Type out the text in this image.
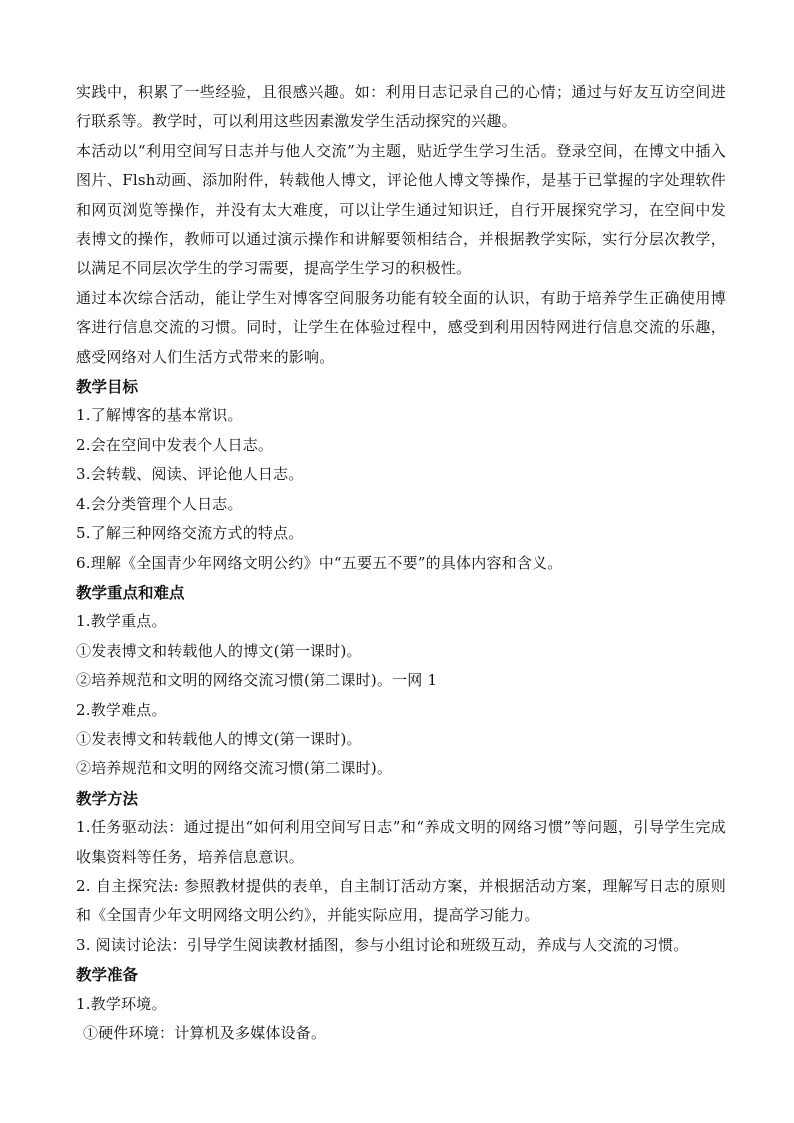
实践中，积累了一些经验，且很感兴趣。如：利用日志记录自己的心情；通过与好友互访空间进行联系等。教学时，可以利用这些因素激发学生活动探究的兴趣。

本活动以“利用空间写日志并与他人交流”为主题，贴近学生学习生活。登录空间，在博文中插入图片、Flsh动画、添加附件，转载他人博文，评论他人博文等操作，是基于已掌握的字处理软件和网页浏览等操作，并没有太大难度，可以让学生通过知识迁，自行开展探究学习，在空间中发表博文的操作，教师可以通过演示操作和讲解要领相结合，并根据教学实际，实行分层次教学，以满足不同层次学生的学习需要，提高学生学习的积极性。

通过本次综合活动，能让学生对博客空间服务功能有较全面的认识，有助于培养学生正确使用博客进行信息交流的习惯。同时，让学生在体验过程中，感受到利用因特网进行信息交流的乐趣，感受网络对人们生活方式带来的影响。

教学目标

1.了解博客的基本常识。

2.会在空间中发表个人日志。

3.会转载、阅读、评论他人日志。

4.会分类管理个人日志。

5.了解三种网络交流方式的特点。

6.理解《全国青少年网络文明公约》中“五要五不要”的具体内容和含义。

教学重点和难点

1.教学重点。

①发表博文和转载他人的博文(第一课时)。

②培养规范和文明的网络交流习惯(第二课时)。一网 1

2.教学难点。

①发表博文和转载他人的博文(第一课时)。

②培养规范和文明的网络交流习惯(第二课时)。

教学方法

1.任务驱动法：通过提出“如何利用空间写日志”和“养成文明的网络习惯”等问题，引导学生完成收集资料等任务，培养信息意识。

2. 自主探究法: 参照教材提供的表单，自主制订活动方案，并根据活动方案，理解写日志的原则和《全国青少年文明网络文明公约》，并能实际应用，提高学习能力。

3. 阅读讨论法：引导学生阅读教材插图，参与小组讨论和班级互动，养成与人交流的习惯。

教学准备

1.教学环境。

①硬件环境：计算机及多媒体设备。
